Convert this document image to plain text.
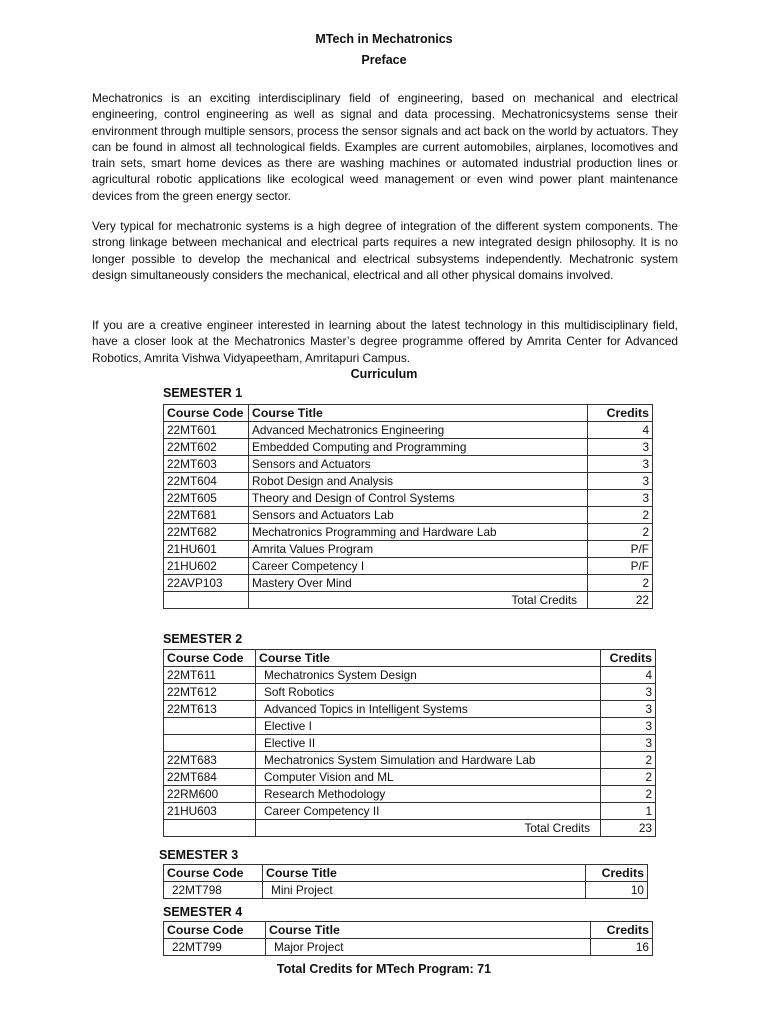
MTech in Mechatronics
Preface

Mechatronics is an exciting interdisciplinary field of engineering, based on mechanical and electrical engineering, control engineering as well as signal and data processing. Mechatronicsystems sense their environment through multiple sensors, process the sensor signals and act back on the world by actuators. They can be found in almost all technological fields. Examples are current automobiles, airplanes, locomotives and train sets, smart home devices as there are washing machines or automated industrial production lines or agricultural robotic applications like ecological weed management or even wind power plant maintenance devices from the green energy sector.

Very typical for mechatronic systems is a high degree of integration of the different system components. The strong linkage between mechanical and electrical parts requires a new integrated design philosophy. It is no longer possible to develop the mechanical and electrical subsystems independently. Mechatronic system design simultaneously considers the mechanical, electrical and all other physical domains involved.

If you are a creative engineer interested in learning about the latest technology in this multidisciplinary field, have a closer look at the Mechatronics Master’s degree programme offered by Amrita Center for Advanced Robotics, Amrita Vishwa Vidyapeetham, Amritapuri Campus.

Curriculum
SEMESTER 1
Course Code	Course Title	Credits
22MT601	Advanced Mechatronics Engineering	4
22MT602	Embedded Computing and Programming	3
22MT603	Sensors and Actuators	3
22MT604	Robot Design and Analysis	3
22MT605	Theory and Design of Control Systems	3
22MT681	Sensors and Actuators Lab	2
22MT682	Mechatronics Programming and Hardware Lab	2
21HU601	Amrita Values Program	P/F
21HU602	Career Competency I	P/F
22AVP103	Mastery Over Mind	2
	Total Credits	22
SEMESTER 2
Course Code	Course Title	Credits
22MT611	Mechatronics System Design	4
22MT612	Soft Robotics	3
22MT613	Advanced Topics in Intelligent Systems	3
	Elective I	3
	Elective II	3
22MT683	Mechatronics System Simulation and Hardware Lab	2
22MT684	Computer Vision and ML	2
22RM600	Research Methodology	2
21HU603	Career Competency II	1
	Total Credits	23
SEMESTER 3
Course Code	Course Title	Credits
22MT798	Mini Project	10
SEMESTER 4
Course Code	Course Title	Credits
22MT799	Major Project	16
Total Credits for MTech Program: 71
